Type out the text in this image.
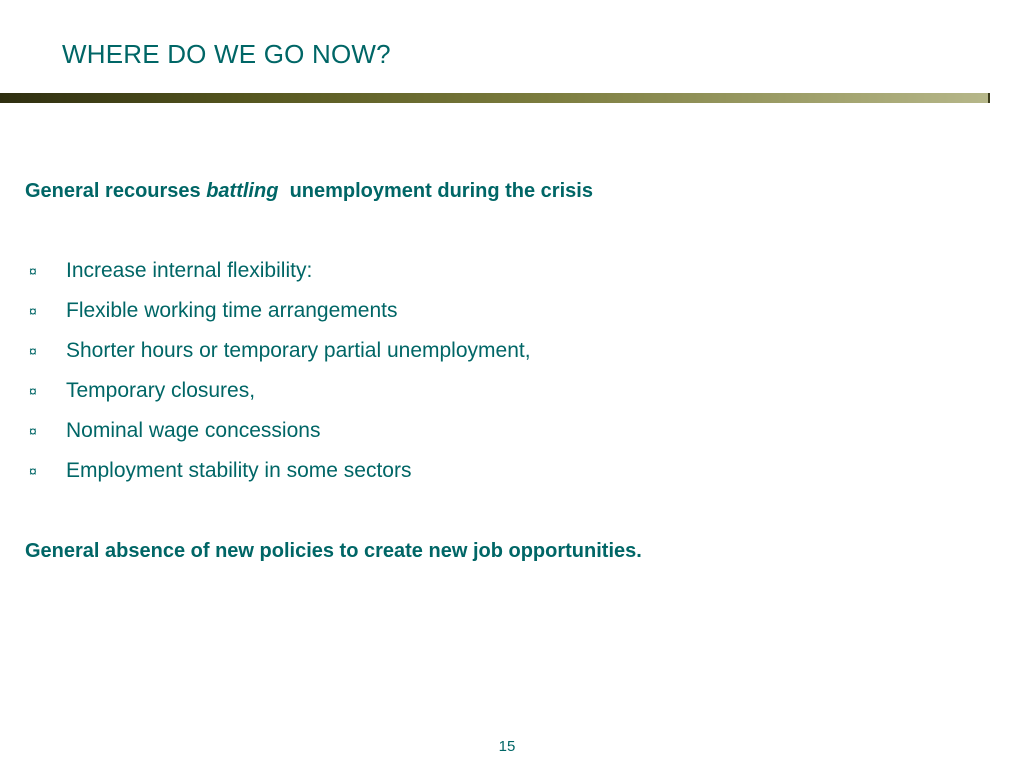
WHERE DO WE GO NOW?

General recourses battling unemployment during the crisis

¤	Increase internal flexibility:
¤	Flexible working time arrangements
¤	Shorter hours or temporary partial unemployment,
¤	Temporary closures,
¤	Nominal wage concessions
¤	Employment stability in some sectors

General absence of new policies to create new job opportunities.

15
